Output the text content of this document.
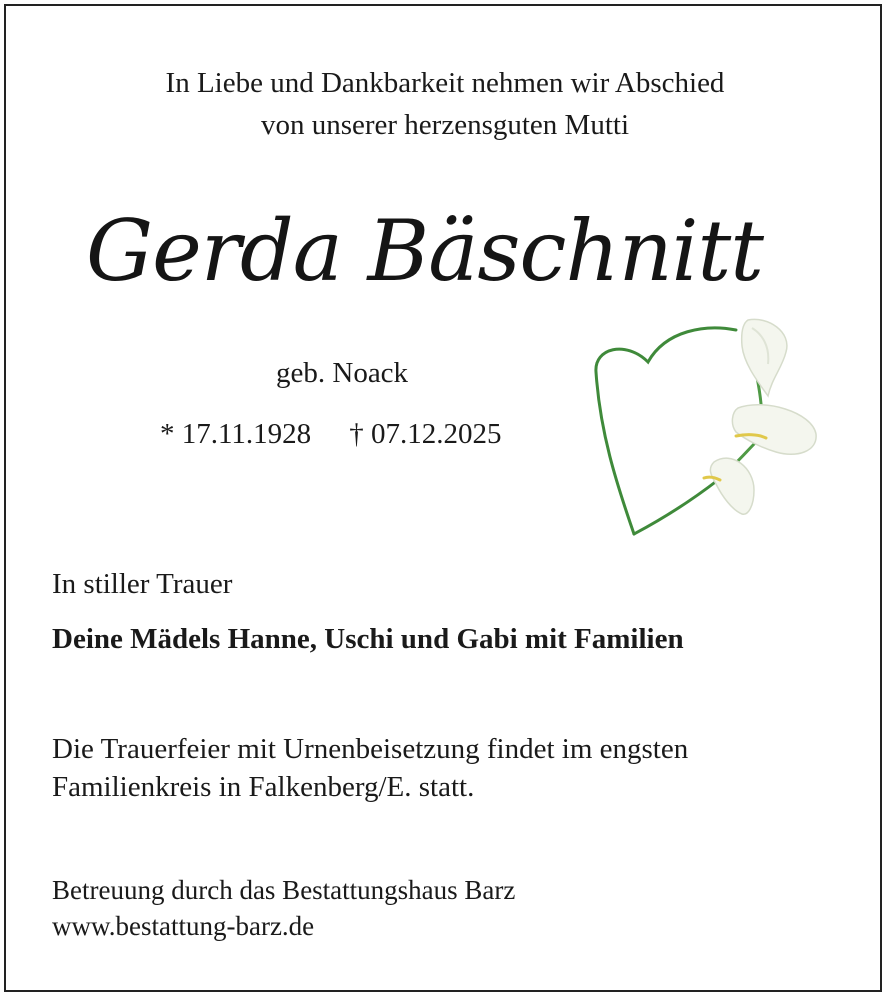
In Liebe und Dankbarkeit nehmen wir Abschied
von unserer herzensguten Mutti
Gerda Bäschnitt
geb. Noack
* 17.11.1928 † 07.12.2025
In stiller Trauer
Deine Mädels Hanne, Uschi und Gabi mit Familien
Die Trauerfeier mit Urnenbeisetzung findet im engsten
Familienkreis in Falkenberg/E. statt.
Betreuung durch das Bestattungshaus Barz
www.bestattung-barz.de
